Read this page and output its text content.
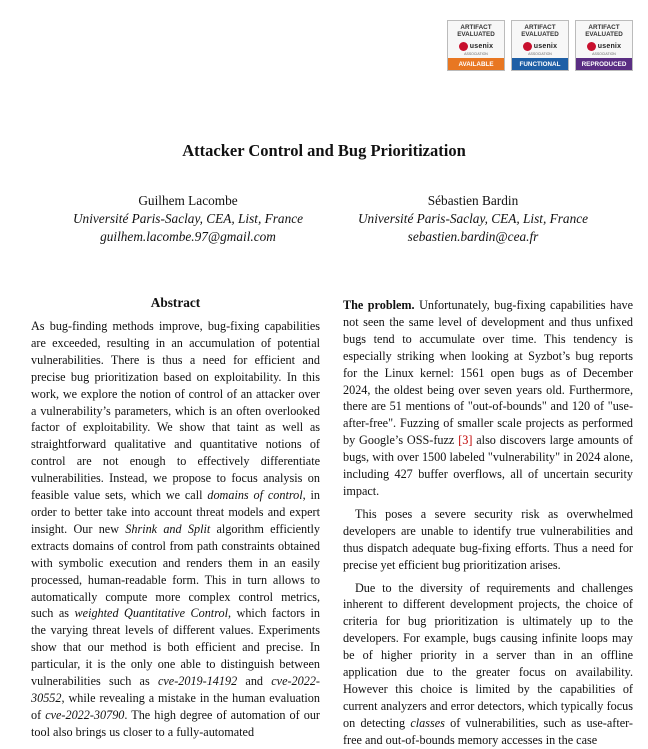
ARTIFACT
EVALUATED
usenix
ASSOCIATION
AVAILABLE
ARTIFACT
EVALUATED
usenix
ASSOCIATION
FUNCTIONAL
ARTIFACT
EVALUATED
usenix
ASSOCIATION
REPRODUCED
Attacker Control and Bug Prioritization
Guilhem Lacombe
Université Paris-Saclay, CEA, List, France
guilhem.lacombe.97@gmail.com
Sébastien Bardin
Université Paris-Saclay, CEA, List, France
sebastien.bardin@cea.fr
Abstract

As bug-finding methods improve, bug-fixing capabilities are exceeded, resulting in an accumulation of potential vulnerabilities. There is thus a need for efficient and precise bug prioritization based on exploitability. In this work, we explore the notion of control of an attacker over a vulnerability’s parameters, which is an often overlooked factor of exploitability. We show that taint as well as straightforward qualitative and quantitative notions of control are not enough to effectively differentiate vulnerabilities. Instead, we propose to focus analysis on feasible value sets, which we call domains of control, in order to better take into account threat models and expert insight. Our new Shrink and Split algorithm efficiently extracts domains of control from path constraints obtained with symbolic execution and renders them in an easily processed, human-readable form. This in turn allows to automatically compute more complex control metrics, such as weighted Quantitative Control, which factors in the varying threat levels of different values. Experiments show that our method is both efficient and precise. In particular, it is the only one able to distinguish between vulnerabilities such as cve-2019-14192 and cve-2022-30552, while revealing a mistake in the human evaluation of cve-2022-30790. The high degree of automation of our tool also brings us closer to a fully-automated

The problem. Unfortunately, bug-fixing capabilities have not seen the same level of development and thus unfixed bugs tend to accumulate over time. This tendency is especially striking when looking at Syzbot’s bug reports for the Linux kernel: 1561 open bugs as of December 2024, the oldest being over seven years old. Furthermore, there are 51 mentions of "out-of-bounds" and 120 of "use-after-free". Fuzzing of smaller scale projects as performed by Google’s OSS-fuzz [3] also discovers large amounts of bugs, with over 1500 labeled "vulnerability" in 2024 alone, including 427 buffer overflows, all of uncertain security impact.

This poses a severe security risk as overwhelmed developers are unable to identify true vulnerabilities and thus dispatch adequate bug-fixing efforts. Thus a need for precise yet efficient bug prioritization arises.

Due to the diversity of requirements and challenges inherent to different development projects, the choice of criteria for bug prioritization is ultimately up to the developers. For example, bugs causing infinite loops may be of higher priority in a server than in an offline application due to the greater focus on availability. However this choice is limited by the capabilities of current analyzers and error detectors, which typically focus on detecting classes of vulnerabilities, such as use-after-free and out-of-bounds memory accesses in the case
